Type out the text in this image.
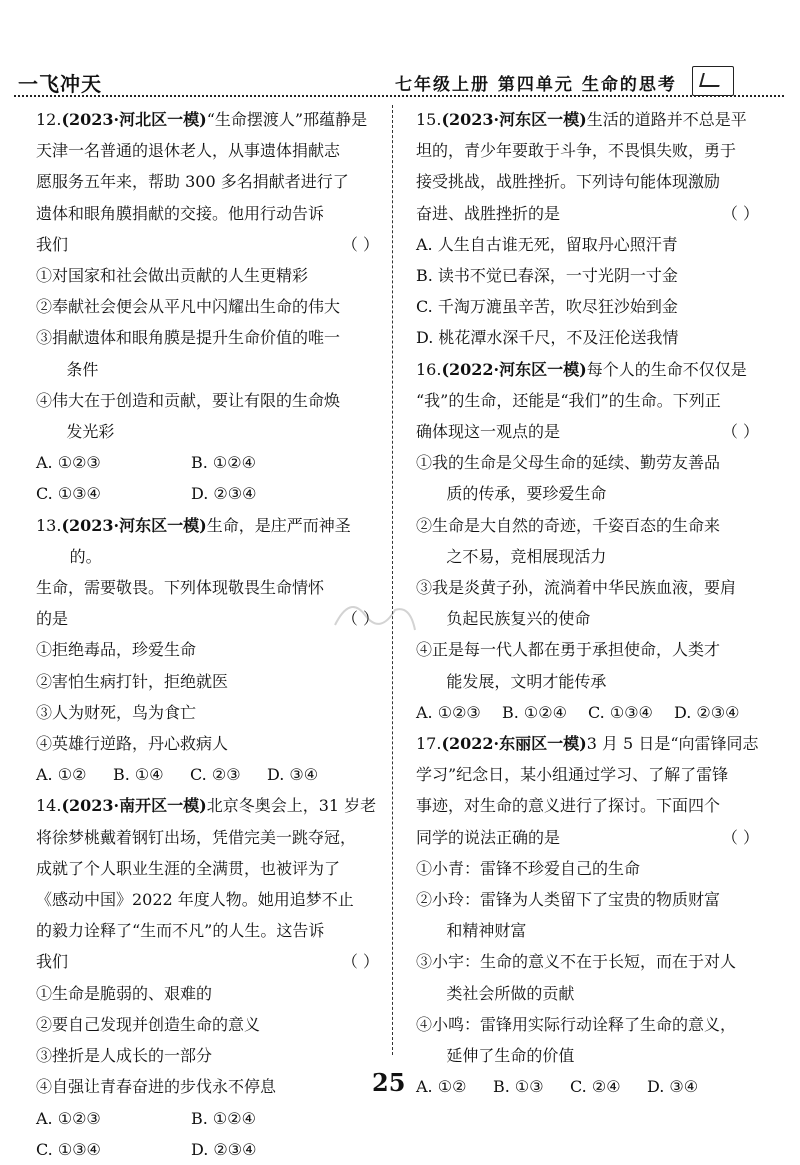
一飞冲天	七年级上册 第四单元 生命的思考
12.(2023·河北区一模)“生命摆渡人”邢蕴静是
天津一名普通的退休老人，从事遗体捐献志
愿服务五年来，帮助 300 多名捐献者进行了
遗体和眼角膜捐献的交接。他用行动告诉
我们	（ ）
①对国家和社会做出贡献的人生更精彩
②奉献社会便会从平凡中闪耀出生命的伟大
③捐献遗体和眼角膜是提升生命价值的唯一
条件
④伟大在于创造和贡献，要让有限的生命焕
发光彩
A. ①②③	B. ①②④
C. ①③④	D. ②③④
13.(2023·河东区一模)生命，是庄严而神圣的。
生命，需要敬畏。下列体现敬畏生命情怀
的是	（ ）
①拒绝毒品，珍爱生命
②害怕生病打针，拒绝就医
③人为财死，鸟为食亡
④英雄行逆路，丹心救病人
A. ①②	B. ①④	C. ②③	D. ③④
14.(2023·南开区一模)北京冬奥会上，31 岁老
将徐梦桃戴着钢钉出场，凭借完美一跳夺冠，
成就了个人职业生涯的全满贯，也被评为了
《感动中国》2022 年度人物。她用追梦不止
的毅力诠释了“生而不凡”的人生。这告诉
我们	（ ）
①生命是脆弱的、艰难的
②要自己发现并创造生命的意义
③挫折是人成长的一部分
④自强让青春奋进的步伐永不停息
A. ①②③	B. ①②④
C. ①③④	D. ②③④
15.(2023·河东区一模)生活的道路并不总是平
坦的，青少年要敢于斗争，不畏惧失败，勇于
接受挑战，战胜挫折。下列诗句能体现激励
奋进、战胜挫折的是	（ ）
A. 人生自古谁无死，留取丹心照汗青
B. 读书不觉已春深，一寸光阴一寸金
C. 千淘万漉虽辛苦，吹尽狂沙始到金
D. 桃花潭水深千尺，不及汪伦送我情
16.(2022·河东区一模)每个人的生命不仅仅是
“我”的生命，还能是“我们”的生命。下列正
确体现这一观点的是	（ ）
①我的生命是父母生命的延续、勤劳友善品
质的传承，要珍爱生命
②生命是大自然的奇迹，千姿百态的生命来
之不易，竞相展现活力
③我是炎黄子孙，流淌着中华民族血液，要肩
负起民族复兴的使命
④正是每一代人都在勇于承担使命，人类才
能发展，文明才能传承
A. ①②③	B. ①②④	C. ①③④	D. ②③④
17.(2022·东丽区一模)3 月 5 日是“向雷锋同志
学习”纪念日，某小组通过学习、了解了雷锋
事迹，对生命的意义进行了探讨。下面四个
同学的说法正确的是	（ ）
①小青：雷锋不珍爱自己的生命
②小玲：雷锋为人类留下了宝贵的物质财富
和精神财富
③小宇：生命的意义不在于长短，而在于对人
类社会所做的贡献
④小鸣：雷锋用实际行动诠释了生命的意义，
延伸了生命的价值
A. ①②	B. ①③	C. ②④	D. ③④
25
